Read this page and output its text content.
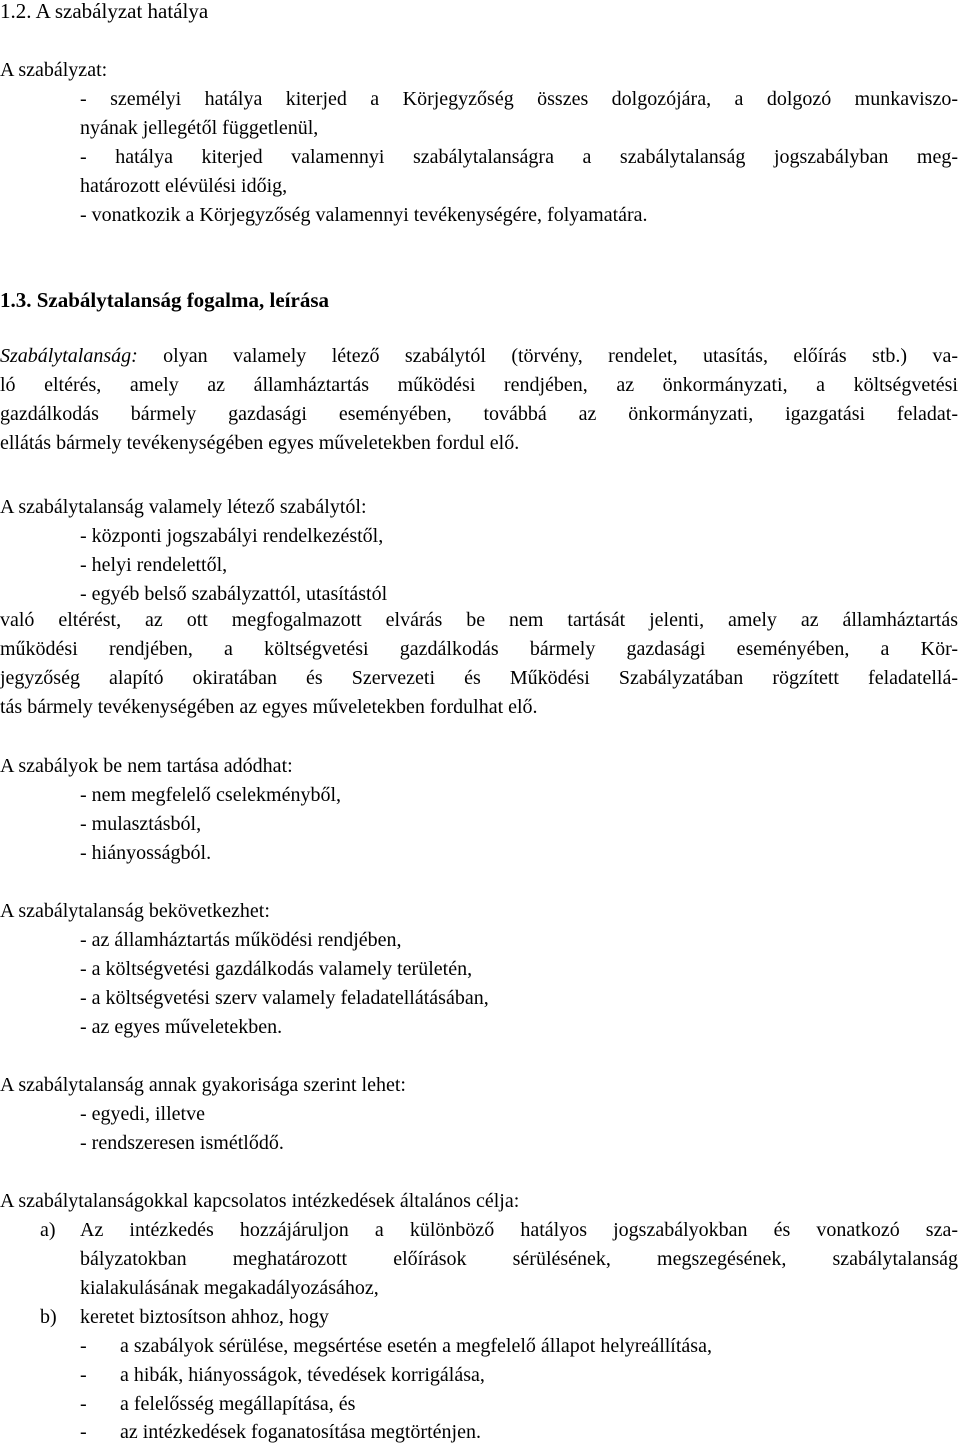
1.2. A szabályzat hatálya
A szabályzat:
- személyi hatálya kiterjed a Körjegyzőség összes dolgozójára, a dolgozó munkaviszo-
nyának jellegétől függetlenül,
- hatálya kiterjed valamennyi szabálytalanságra a szabálytalanság jogszabályban meg-
határozott elévülési időig,
- vonatkozik a Körjegyzőség valamennyi tevékenységére, folyamatára.
1.3. Szabálytalanság fogalma, leírása
Szabálytalanság: olyan valamely létező szabálytól (törvény, rendelet, utasítás, előírás stb.) va-
ló eltérés, amely az államháztartás működési rendjében, az önkormányzati, a költségvetési
gazdálkodás bármely gazdasági eseményében, továbbá az önkormányzati, igazgatási feladat-
ellátás bármely tevékenységében egyes műveletekben fordul elő.
A szabálytalanság valamely létező szabálytól:
- központi jogszabályi rendelkezéstől,
- helyi rendelettől,
- egyéb belső szabályzattól, utasítástól
való eltérést, az ott megfogalmazott elvárás be nem tartását jelenti, amely az államháztartás
működési rendjében, a költségvetési gazdálkodás bármely gazdasági eseményében, a Kör-
jegyzőség alapító okiratában és Szervezeti és Működési Szabályzatában rögzített feladatellá-
tás bármely tevékenységében az egyes műveletekben fordulhat elő.
A szabályok be nem tartása adódhat:
- nem megfelelő cselekményből,
- mulasztásból,
- hiányosságból.
A szabálytalanság bekövetkezhet:
- az államháztartás működési rendjében,
- a költségvetési gazdálkodás valamely területén,
- a költségvetési szerv valamely feladatellátásában,
- az egyes műveletekben.
A szabálytalanság annak gyakorisága szerint lehet:
- egyedi, illetve
- rendszeresen ismétlődő.
A szabálytalanságokkal kapcsolatos intézkedések általános célja:
a) Az intézkedés hozzájáruljon a különböző hatályos jogszabályokban és vonatkozó sza-
bályzatokban meghatározott előírások sérülésének, megszegésének, szabálytalanság
kialakulásának megakadályozásához,
b) keretet biztosítson ahhoz, hogy
- a szabályok sérülése, megsértése esetén a megfelelő állapot helyreállítása,
- a hibák, hiányosságok, tévedések korrigálása,
- a felelősség megállapítása, és
- az intézkedések foganatosítása megtörténjen.
